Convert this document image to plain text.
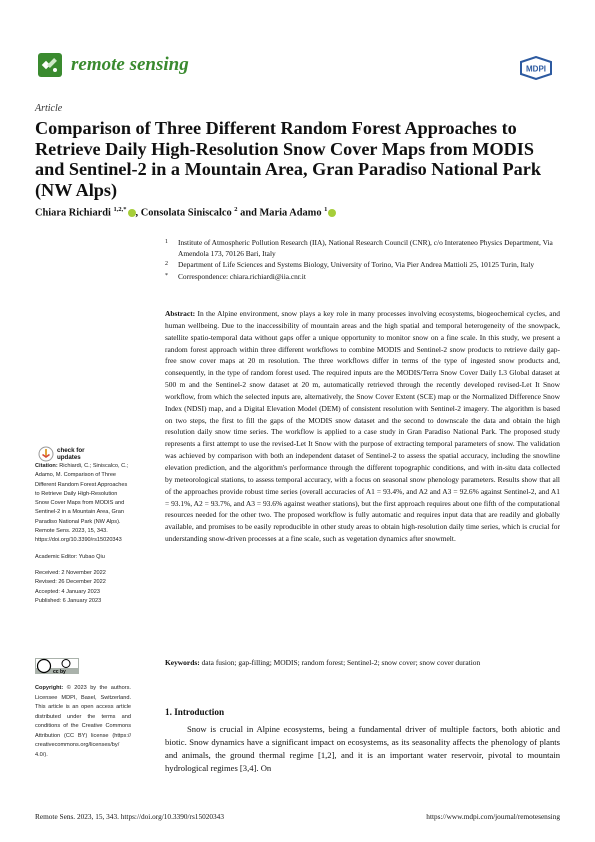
remote sensing	MDPI
Article
Comparison of Three Different Random Forest Approaches to Retrieve Daily High-Resolution Snow Cover Maps from MODIS and Sentinel-2 in a Mountain Area, Gran Paradiso National Park (NW Alps)
Chiara Richiardi $^{1,2,*}$ , Consolata Siniscalco $^2$ and Maria Adamo $^1$
1	Institute of Atmospheric Pollution Research (IIA), National Research Council (CNR), c/o Interateneo Physics Department, Via Amendola 173, 70126 Bari, Italy
2	Department of Life Sciences and Systems Biology, University of Torino, Via Pier Andrea Mattioli 25, 10125 Turin, Italy
*	Correspondence: chiara.richiardi@iia.cnr.it
Abstract: In the Alpine environment, snow plays a key role in many processes involving ecosystems, biogeochemical cycles, and human wellbeing. Due to the inaccessibility of mountain areas and the high spatial and temporal heterogeneity of the snowpack, satellite spatio-temporal data without gaps offer a unique opportunity to monitor snow on a fine scale. In this study, we present a random forest approach within three different workflows to combine MODIS and Sentinel-2 snow products to retrieve daily gap-free snow cover maps at 20 m resolution. The three workflows differ in terms of the type of ingested snow products and, consequently, in the type of random forest used. The required inputs are the MODIS/Terra Snow Cover Daily L3 Global dataset at 500 m and the Sentinel-2 snow dataset at 20 m, automatically retrieved through the recently developed revised-Let It Snow workflow, from which the selected inputs are, alternatively, the Snow Cover Extent (SCE) map or the Normalized Difference Snow Index (NDSI) map, and a Digital Elevation Model (DEM) of consistent resolution with Sentinel-2 imagery. The algorithm is based on two steps, the first to fill the gaps of the MODIS snow dataset and the second to downscale the data and obtain the high resolution daily snow time series. The workflow is applied to a case study in Gran Paradiso National Park. The proposed study represents a first attempt to use the revised-Let It Snow with the purpose of extracting temporal parameters of snow. The validation was achieved by comparison with both an independent dataset of Sentinel-2 to assess the spatial accuracy, including the snowline elevation prediction, and the algorithm's performance through the different topographic conditions, and with in-situ data collected by meteorological stations, to assess temporal accuracy, with a focus on seasonal snow phenology parameters. Results show that all of the approaches provide robust time series (overall accuracies of A1 = 93.4%, and A2 and A3 = 92.6% against Sentinel-2, and A1 = 93.1%, A2 = 93.7%, and A3 = 93.6% against weather stations), but the first approach requires about one fifth of the computational resources needed for the other two. The proposed workflow is fully automatic and requires input data that are readily and globally available, and promises to be easily reproducible in other study areas to obtain high-resolution daily time series, which is crucial for understanding snow-driven processes at a fine scale, such as vegetation dynamics after snowmelt.
Keywords: data fusion; gap-filling; MODIS; random forest; Sentinel-2; snow cover; snow cover duration
check for
updates
Citation: Richiardi, C.; Siniscalco, C.; Adamo, M. Comparison of Three Different Random Forest Approaches to Retrieve Daily High-Resolution Snow Cover Maps from MODIS and Sentinel-2 in a Mountain Area, Gran Paradiso National Park (NW Alps). Remote Sens. 2023, 15, 343. https://doi.org/10.3390/rs15020343
Academic Editor: Yubao Qiu
Received: 2 November 2022
Revised: 26 December 2022
Accepted: 4 January 2023
Published: 6 January 2023
cc by
Copyright: © 2023 by the authors. Licensee MDPI, Basel, Switzerland. This article is an open access article distributed under the terms and conditions of the Creative Commons Attribution (CC BY) license (https:// creativecommons.org/licenses/by/ 4.0/).
1. Introduction
Snow is crucial in Alpine ecosystems, being a fundamental driver of multiple factors, both abiotic and biotic. Snow dynamics have a significant impact on ecosystems, as its seasonality affects the phenology of plants and animals, the ground thermal regime [1,2], and it is an important water reservoir, pivotal to mountain hydrological regimes [3,4]. On
Remote Sens. 2023, 15, 343. https://doi.org/10.3390/rs15020343	https://www.mdpi.com/journal/remotesensing
